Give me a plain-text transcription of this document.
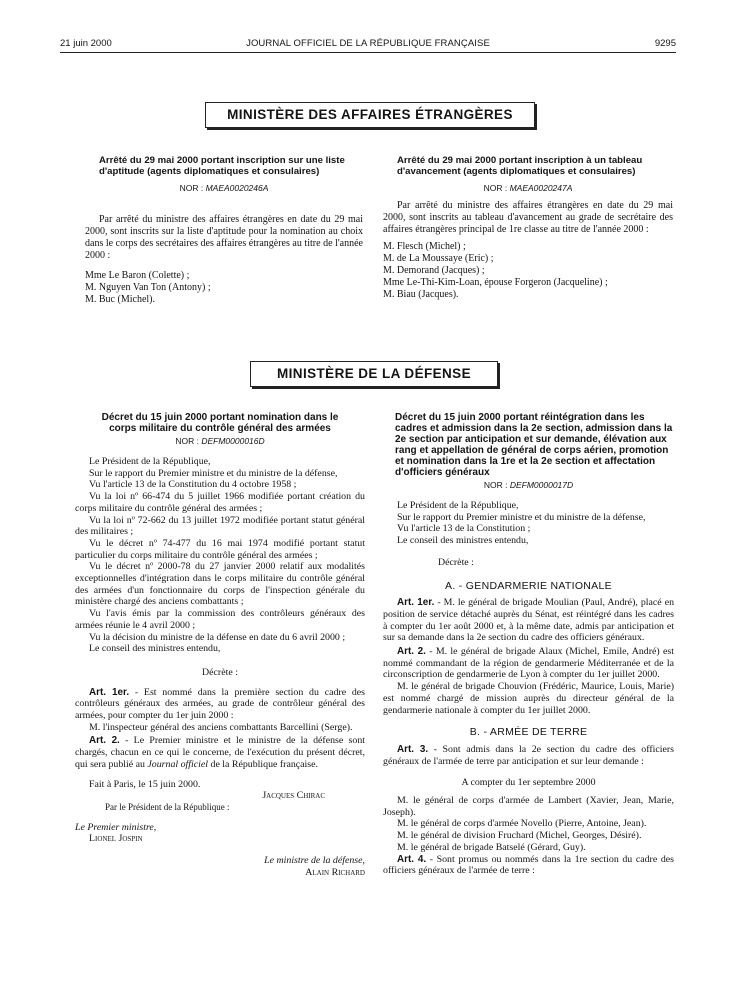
21 juin 2000	JOURNAL OFFICIEL DE LA RÉPUBLIQUE FRANÇAISE	9295
MINISTÈRE DES AFFAIRES ÉTRANGÈRES

Arrêté du 29 mai 2000 portant inscription sur une liste d'aptitude (agents diplomatiques et consulaires)

NOR : MAEA0020246A

Par arrêté du ministre des affaires étrangères en date du 29 mai 2000, sont inscrits sur la liste d'aptitude pour la nomination au choix dans le corps des secrétaires des affaires étrangères au titre de l'année 2000 :

Mme Le Baron (Colette) ;

M. Nguyen Van Ton (Antony) ;

M. Buc (Michel).

Arrêté du 29 mai 2000 portant inscription à un tableau d'avancement (agents diplomatiques et consulaires)

NOR : MAEA0020247A

Par arrêté du ministre des affaires étrangères en date du 29 mai 2000, sont inscrits au tableau d'avancement au grade de secrétaire des affaires étrangères principal de 1re classe au titre de l'année 2000 :

M. Flesch (Michel) ;

M. de La Moussaye (Eric) ;

M. Demorand (Jacques) ;

Mme Le-Thi-Kim-Loan, épouse Forgeron (Jacqueline) ;

M. Biau (Jacques).

MINISTÈRE DE LA DÉFENSE

Décret du 15 juin 2000 portant nomination dans le corps militaire du contrôle général des armées

NOR : DEFM0000016D

Le Président de la République,

Sur le rapport du Premier ministre et du ministre de la défense,

Vu l'article 13 de la Constitution du 4 octobre 1958 ;

Vu la loi nº 66-474 du 5 juillet 1966 modifiée portant création du corps militaire du contrôle général des armées ;

Vu la loi nº 72-662 du 13 juillet 1972 modifiée portant statut général des militaires ;

Vu le décret nº 74-477 du 16 mai 1974 modifié portant statut particulier du corps militaire du contrôle général des armées ;

Vu le décret nº 2000-78 du 27 janvier 2000 relatif aux modalités exceptionnelles d'intégration dans le corps militaire du contrôle général des armées d'un fonctionnaire du corps de l'inspection générale du ministère chargé des anciens combattants ;

Vu l'avis émis par la commission des contrôleurs généraux des armées réunie le 4 avril 2000 ;

Vu la décision du ministre de la défense en date du 6 avril 2000 ;

Le conseil des ministres entendu,

Décrète :

Art. 1er. - Est nommé dans la première section du cadre des contrôleurs généraux des armées, au grade de contrôleur général des armées, pour compter du 1er juin 2000 :

M. l'inspecteur général des anciens combattants Barcellini (Serge).

Art. 2. - Le Premier ministre et le ministre de la défense sont chargés, chacun en ce qui le concerne, de l'exécution du présent décret, qui sera publié au Journal officiel de la République française.

Fait à Paris, le 15 juin 2000.

Jacques Chirac

Par le Président de la République :

Le Premier ministre,

Lionel Jospin

Le ministre de la défense,

Alain Richard

Décret du 15 juin 2000 portant réintégration dans les cadres et admission dans la 2e section, admission dans la 2e section par anticipation et sur demande, élévation aux rang et appellation de général de corps aérien, promotion et nomination dans la 1re et la 2e section et affectation d'officiers généraux

NOR : DEFM0000017D

Le Président de la République,

Sur le rapport du Premier ministre et du ministre de la défense,

Vu l'article 13 de la Constitution ;

Le conseil des ministres entendu,

Décrète :

A. - GENDARMERIE NATIONALE

Art. 1er. - M. le général de brigade Moulian (Paul, André), placé en position de service détaché auprès du Sénat, est réintégré dans les cadres à compter du 1er août 2000 et, à la même date, admis par anticipation et sur sa demande dans la 2e section du cadre des officiers généraux.

Art. 2. - M. le général de brigade Alaux (Michel, Emile, André) est nommé commandant de la région de gendarmerie Méditerranée et de la circonscription de gendarmerie de Lyon à compter du 1er juillet 2000.

M. le général de brigade Chouvion (Frédéric, Maurice, Louis, Marie) est nommé chargé de mission auprès du directeur général de la gendarmerie nationale à compter du 1er juillet 2000.

B. - ARMÉE DE TERRE

Art. 3. - Sont admis dans la 2e section du cadre des officiers généraux de l'armée de terre par anticipation et sur leur demande :

A compter du 1er septembre 2000

M. le général de corps d'armée de Lambert (Xavier, Jean, Marie, Joseph).

M. le général de corps d'armée Novello (Pierre, Antoine, Jean).

M. le général de division Fruchard (Michel, Georges, Désiré).

M. le général de brigade Batselé (Gérard, Guy).

Art. 4. - Sont promus ou nommés dans la 1re section du cadre des officiers généraux de l'armée de terre :
